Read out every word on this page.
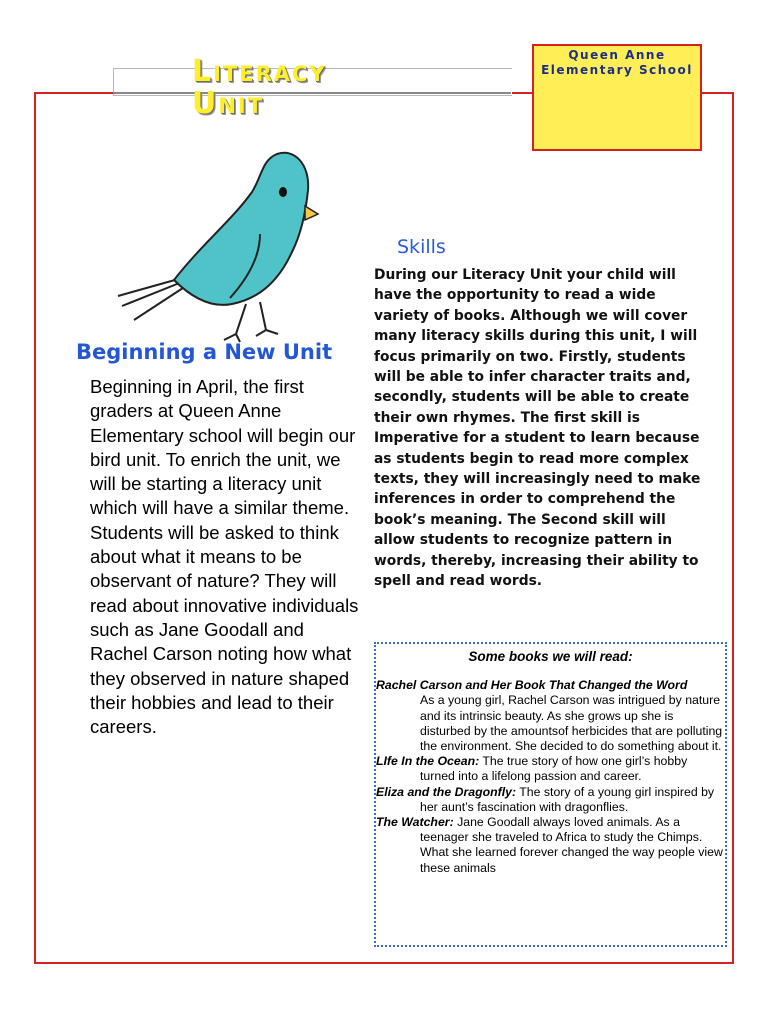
Literacy
Unit
Queen Anne
Elementary School
Beginning a New Unit
Beginning in April, the first graders at Queen Anne Elementary school will begin our bird unit. To enrich the unit, we will be starting a literacy unit which will have a similar theme. Students will be asked to think about what it means to be observant of nature? They will read about innovative individuals such as Jane Goodall and Rachel Carson noting how what they observed in nature shaped their hobbies and lead to their careers.
Skills
During our Literacy Unit your child will have the opportunity to read a wide variety of books. Although we will cover many literacy skills during this unit, I will focus primarily on two. Firstly, students will be able to infer character traits and, secondly, students will be able to create their own rhymes. The first skill is Imperative for a student to learn because as students begin to read more complex texts, they will increasingly need to make inferences in order to comprehend the book’s meaning. The Second skill will allow students to recognize pattern in words, thereby, increasing their ability to spell and read words.
Some books we will read:

Rachel Carson and Her Book That Changed the Word
As a young girl, Rachel Carson was intrigued by nature and its intrinsic beauty. As she grows up she is disturbed by the amountsof herbicides that are polluting the environment. She decided to do something about it.

LIfe In the Ocean: The true story of how one girl’s hobby turned into a lifelong passion and career.

Eliza and the Dragonfly: The story of a young girl inspired by her aunt’s fascination with dragonflies.

The Watcher: Jane Goodall always loved animals. As a teenager she traveled to Africa to study the Chimps. What she learned forever changed the way people view these animals
